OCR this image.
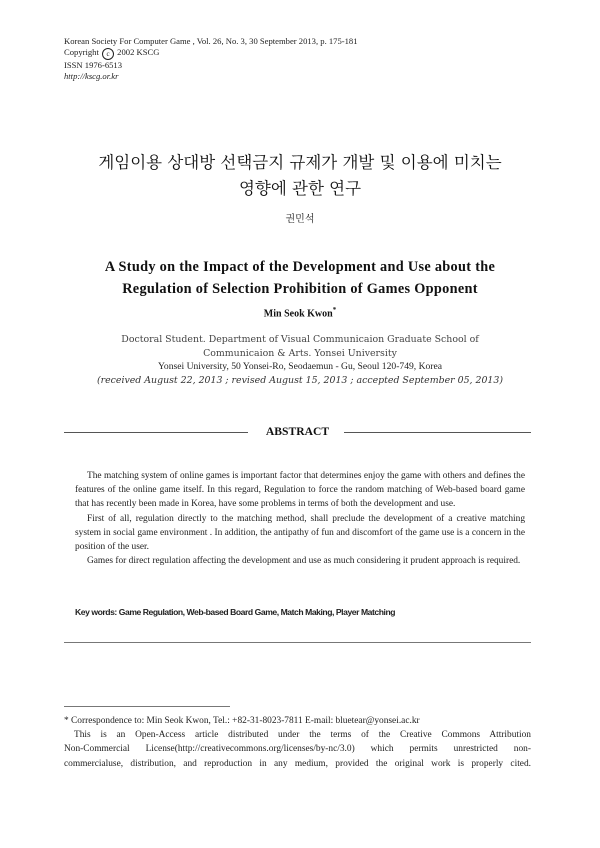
Korean Society For Computer Game , Vol. 26, No. 3, 30 September 2013, p. 175-181
Copyright c 2002 KSCG
ISSN 1976-6513
http://kscg.or.kr
게임이용 상대방 선택금지 규제가 개발 및 이용에 미치는
영향에 관한 연구
권민석
A Study on the Impact of the Development and Use about the
Regulation of Selection Prohibition of Games Opponent
Min Seok Kwon*
Doctoral Student. Department of Visual Communicaion Graduate School of
Communicaion & Arts. Yonsei University
Yonsei University, 50 Yonsei-Ro, Seodaemun - Gu, Seoul 120-749, Korea
(received August 22, 2013 ; revised August 15, 2013 ; accepted September 05, 2013)
ABSTRACT

The matching system of online games is important factor that determines enjoy the game with others and defines the features of the online game itself. In this regard, Regulation to force the random matching of Web-based board game that has recently been made in Korea, have some problems in terms of both the development and use.

First of all, regulation directly to the matching method, shall preclude the development of a creative matching system in social game environment . In addition, the antipathy of fun and discomfort of the game use is a concern in the position of the user.

Games for direct regulation affecting the development and use as much considering it prudent approach is required.

Key words: Game Regulation, Web-based Board Game, Match Making, Player Matching
* Correspondence to: Min Seok Kwon, Tel.: +82-31-8023-7811 E-mail: bluetear@yonsei.ac.kr
This is an Open-Access article distributed under the terms of the Creative Commons Attribution
Non-Commercial License(http://creativecommons.org/licenses/by-nc/3.0) which permits unrestricted non-
commercialuse, distribution, and reproduction in any medium, provided the original work is properly cited.
